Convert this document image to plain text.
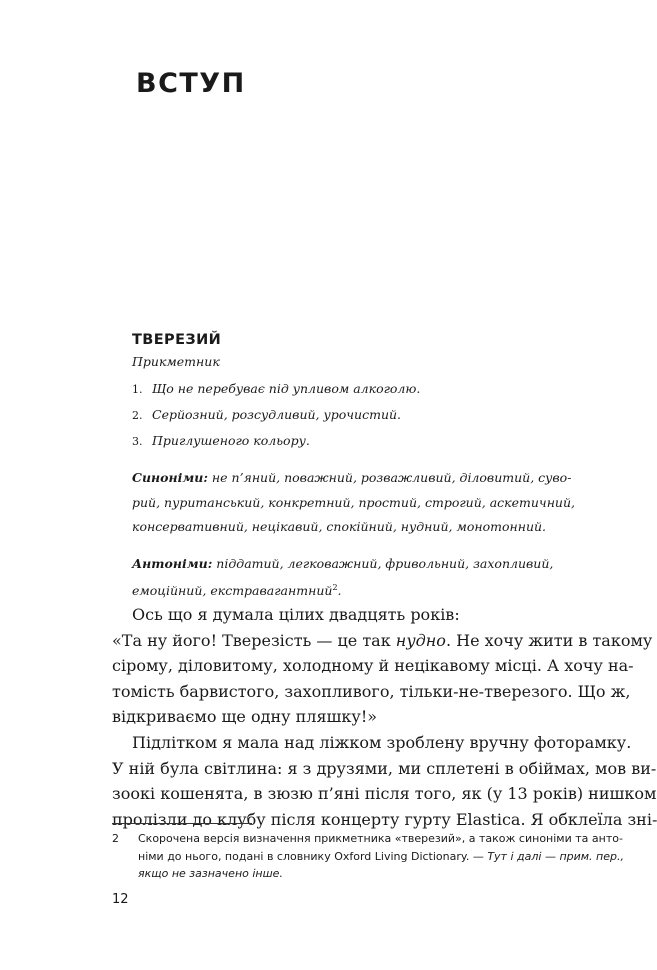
ВСТУП
ТВЕРЕЗИЙ
Прикметник
1. Що не перебуває під упливом алкоголю.
2. Серйозний, розсудливий, урочистий.
3. Приглушеного кольору.
Синоніми: не п’яний, поважний, розважливий, діловитий, суво-
рий, пуританський, конкретний, простий, строгий, аскетичний,
консервативний, нецікавий, спокійний, нудний, монотонний.
Антоніми: піддатий, легковажний, фривольний, захопливий,
емоційний, екстравагантний$^2$.
Ось що я думала цілих двадцять років:
«Та ну його! Тверезість — це так нудно. Не хочу жити в такому
сірому, діловитому, холодному й нецікавому місці. А хочу на-
томість барвистого, захопливого, тільки-не-тверезого. Що ж,
відкриваємо ще одну пляшку!»
Підлітком я мала над ліжком зроблену вручну фоторамку.
У ній була світлина: я з друзями, ми сплетені в обіймах, мов ви-
зоокі кошенята, в зюзю п’яні після того, як (у 13 років) нишком
пролізли до клубу після концерту гурту Elastica. Я обклеїла зні-
2 Скорочена версія визначення прикметника «тверезий», а також синоніми та анто-
німи до нього, подані в словнику Oxford Living Dictionary. — Тут і далі — прим. пер.,
якщо не зазначено інше.
12
